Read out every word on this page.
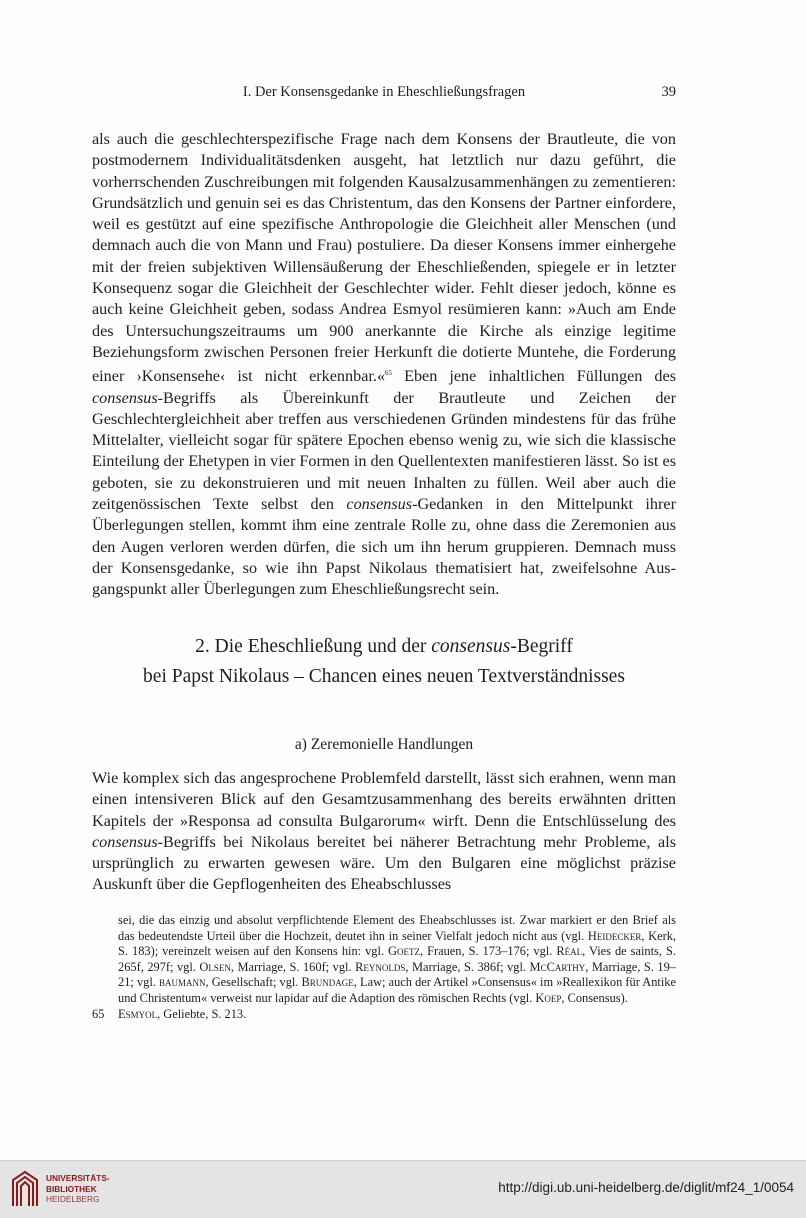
I. Der Konsensgedanke in Eheschließungsfragen	39

als auch die geschlechterspezifische Frage nach dem Konsens der Brautleute, die von postmodernem Individualitätsdenken ausgeht, hat letztlich nur dazu geführt, die vorherrschenden Zuschreibungen mit folgenden Kausalzusammenhängen zu zementieren: Grundsätzlich und genuin sei es das Christentum, das den Konsens der Partner einfordere, weil es gestützt auf eine spezifische Anthropologie die Gleichheit aller Menschen (und demnach auch die von Mann und Frau) postuliere. Da dieser Konsens immer einhergehe mit der freien subjektiven Willensäußerung der Eheschließenden, spiegele er in letzter Konsequenz sogar die Gleichheit der Geschlechter wider. Fehlt dieser jedoch, könne es auch keine Gleichheit geben, sodass Andrea Esmyol resümieren kann: »Auch am Ende des Untersuchungszeitraums um 900 anerkannte die Kirche als einzige legitime Beziehungsform zwischen Personen freier Herkunft die dotierte Muntehe, die Forderung einer ›Konsensehe‹ ist nicht erkennbar.«$^{65}$ Eben jene inhaltlichen Füllungen des consensus-Begriffs als Übereinkunft der Brautleute und Zeichen der Geschlechtergleichheit aber treffen aus verschiedenen Gründen mindestens für das frühe Mittelalter, vielleicht sogar für spätere Epochen ebenso wenig zu, wie sich die klassische Einteilung der Ehetypen in vier Formen in den Quellentexten manifestieren lässt. So ist es geboten, sie zu dekonstruieren und mit neuen Inhalten zu füllen. Weil aber auch die zeitgenössischen Texte selbst den consensus-Gedanken in den Mittelpunkt ihrer Überlegungen stellen, kommt ihm eine zentrale Rolle zu, ohne dass die Zeremonien aus den Augen verloren werden dürfen, die sich um ihn herum gruppieren. Demnach muss der Konsensgedanke, so wie ihn Papst Nikolaus thematisiert hat, zweifelsohne Ausgangspunkt aller Überlegungen zum Eheschließungsrecht sein.

2. Die Eheschließung und der consensus-Begriff
bei Papst Nikolaus – Chancen eines neuen Textverständnisses
a) Zeremonielle Handlungen

Wie komplex sich das angesprochene Problemfeld darstellt, lässt sich erahnen, wenn man einen intensiveren Blick auf den Gesamtzusammenhang des bereits erwähnten dritten Kapitels der »Responsa ad consulta Bulgarorum« wirft. Denn die Entschlüsselung des consensus-Begriffs bei Nikolaus bereitet bei näherer Betrachtung mehr Probleme, als ursprünglich zu erwarten gewesen wäre. Um den Bulgaren eine möglichst präzise Auskunft über die Gepflogenheiten des Eheabschlusses

sei, die das einzig und absolut verpflichtende Element des Eheabschlusses ist. Zwar markiert er den Brief als das bedeutendste Urteil über die Hochzeit, deutet ihn in seiner Vielfalt jedoch nicht aus (vgl. Heidecker, Kerk, S. 183); vereinzelt weisen auf den Konsens hin: vgl. Goetz, Frauen, S. 173–176; vgl. Réal, Vies de saints, S. 265f, 297f; vgl. Olsen, Marriage, S. 160f; vgl. Reynolds, Marriage, S. 386f; vgl. McCarthy, Marriage, S. 19–21; vgl. baumann, Gesellschaft; vgl. Brundage, Law; auch der Artikel »Consensus« im »Reallexikon für Antike und Christentum« verweist nur lapidar auf die Adaption des römischen Rechts (vgl. Koep, Consensus).

65	Esmyol, Geliebte, S. 213.

UNIVERSITÄTS-
BIBLIOTHEK
HEIDELBERG
http://digi.ub.uni-heidelberg.de/diglit/mf24_1/0054
